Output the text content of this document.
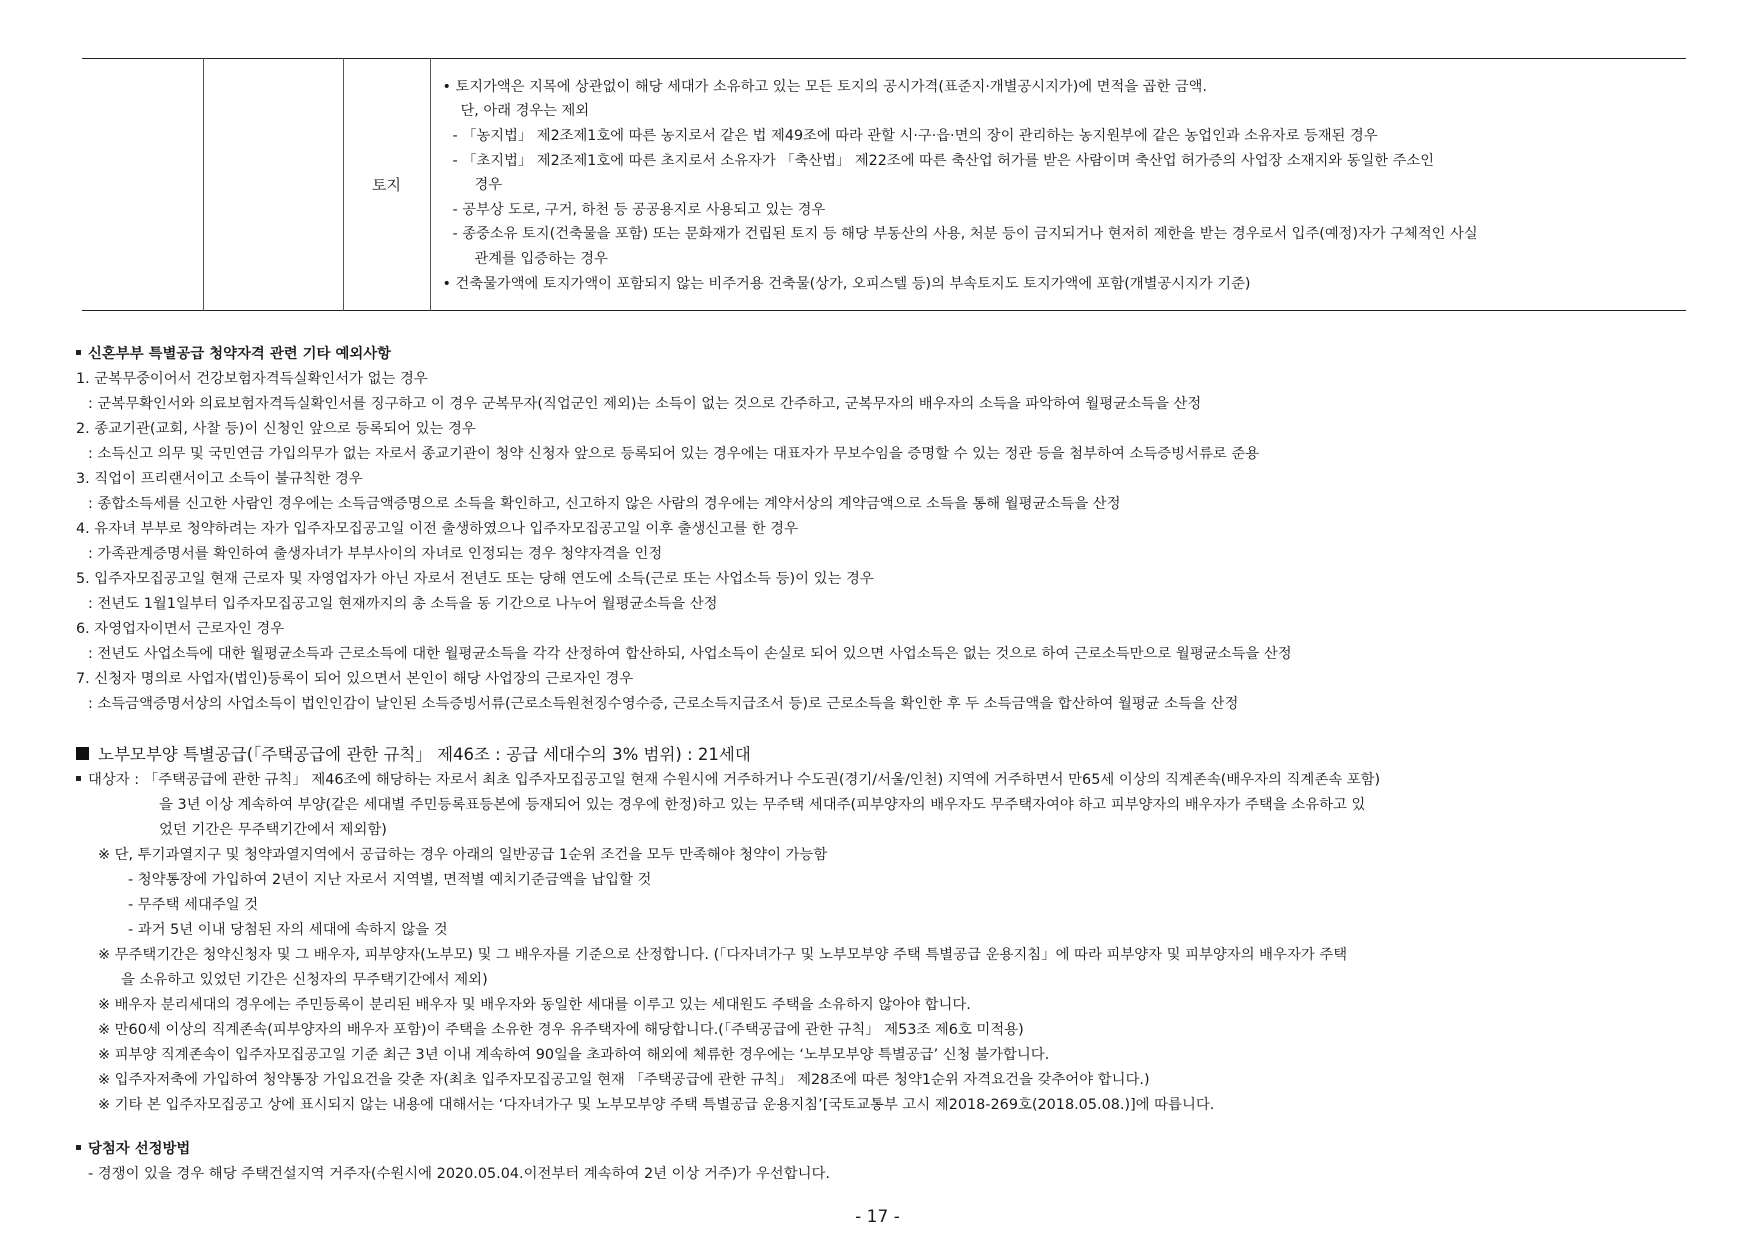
		토지	
• 토지가액은 지목에 상관없이 해당 세대가 소유하고 있는 모든 토지의 공시가격(표준지·개별공시지가)에 면적을 곱한 금액.
단, 아래 경우는 제외
- 「농지법」 제2조제1호에 따른 농지로서 같은 법 제49조에 따라 관할 시·구·읍·면의 장이 관리하는 농지원부에 같은 농업인과 소유자로 등재된 경우
- 「초지법」 제2조제1호에 따른 초지로서 소유자가 「축산법」 제22조에 따른 축산업 허가를 받은 사람이며 축산업 허가증의 사업장 소재지와 동일한 주소인
경우
- 공부상 도로, 구거, 하천 등 공공용지로 사용되고 있는 경우
- 종중소유 토지(건축물을 포함) 또는 문화재가 건립된 토지 등 해당 부동산의 사용, 처분 등이 금지되거나 현저히 제한을 받는 경우로서 입주(예정)자가 구체적인 사실
관계를 입증하는 경우
• 건축물가액에 토지가액이 포함되지 않는 비주거용 건축물(상가, 오피스텔 등)의 부속토지도 토지가액에 포함(개별공시지가 기준)
신혼부부 특별공급 청약자격 관련 기타 예외사항
1. 군복무중이어서 건강보험자격득실확인서가 없는 경우
: 군복무확인서와 의료보험자격득실확인서를 징구하고 이 경우 군복무자(직업군인 제외)는 소득이 없는 것으로 간주하고, 군복무자의 배우자의 소득을 파악하여 월평균소득을 산정
2. 종교기관(교회, 사찰 등)이 신청인 앞으로 등록되어 있는 경우
: 소득신고 의무 및 국민연금 가입의무가 없는 자로서 종교기관이 청약 신청자 앞으로 등록되어 있는 경우에는 대표자가 무보수임을 증명할 수 있는 정관 등을 첨부하여 소득증빙서류로 준용
3. 직업이 프리랜서이고 소득이 불규칙한 경우
: 종합소득세를 신고한 사람인 경우에는 소득금액증명으로 소득을 확인하고, 신고하지 않은 사람의 경우에는 계약서상의 계약금액으로 소득을 통해 월평균소득을 산정
4. 유자녀 부부로 청약하려는 자가 입주자모집공고일 이전 출생하였으나 입주자모집공고일 이후 출생신고를 한 경우
: 가족관계증명서를 확인하여 출생자녀가 부부사이의 자녀로 인정되는 경우 청약자격을 인정
5. 입주자모집공고일 현재 근로자 및 자영업자가 아닌 자로서 전년도 또는 당해 연도에 소득(근로 또는 사업소득 등)이 있는 경우
: 전년도 1월1일부터 입주자모집공고일 현재까지의 총 소득을 동 기간으로 나누어 월평균소득을 산정
6. 자영업자이면서 근로자인 경우
: 전년도 사업소득에 대한 월평균소득과 근로소득에 대한 월평균소득을 각각 산정하여 합산하되, 사업소득이 손실로 되어 있으면 사업소득은 없는 것으로 하여 근로소득만으로 월평균소득을 산정
7. 신청자 명의로 사업자(법인)등록이 되어 있으면서 본인이 해당 사업장의 근로자인 경우
: 소득금액증명서상의 사업소득이 법인인감이 날인된 소득증빙서류(근로소득원천징수영수증, 근로소득지급조서 등)로 근로소득을 확인한 후 두 소득금액을 합산하여 월평균 소득을 산정
노부모부양 특별공급(「주택공급에 관한 규칙」 제46조 : 공급 세대수의 3% 범위) : 21세대
대상자 : 「주택공급에 관한 규칙」 제46조에 해당하는 자로서 최초 입주자모집공고일 현재 수원시에 거주하거나 수도권(경기/서울/인천) 지역에 거주하면서 만65세 이상의 직계존속(배우자의 직계존속 포함)
을 3년 이상 계속하여 부양(같은 세대별 주민등록표등본에 등재되어 있는 경우에 한정)하고 있는 무주택 세대주(피부양자의 배우자도 무주택자여야 하고 피부양자의 배우자가 주택을 소유하고 있
었던 기간은 무주택기간에서 제외함)
※ 단, 투기과열지구 및 청약과열지역에서 공급하는 경우 아래의 일반공급 1순위 조건을 모두 만족해야 청약이 가능함
- 청약통장에 가입하여 2년이 지난 자로서 지역별, 면적별 예치기준금액을 납입할 것
- 무주택 세대주일 것
- 과거 5년 이내 당첨된 자의 세대에 속하지 않을 것
※ 무주택기간은 청약신청자 및 그 배우자, 피부양자(노부모) 및 그 배우자를 기준으로 산정합니다. (「다자녀가구 및 노부모부양 주택 특별공급 운용지침」에 따라 피부양자 및 피부양자의 배우자가 주택
을 소유하고 있었던 기간은 신청자의 무주택기간에서 제외)
※ 배우자 분리세대의 경우에는 주민등록이 분리된 배우자 및 배우자와 동일한 세대를 이루고 있는 세대원도 주택을 소유하지 않아야 합니다.
※ 만60세 이상의 직계존속(피부양자의 배우자 포함)이 주택을 소유한 경우 유주택자에 해당합니다.(「주택공급에 관한 규칙」 제53조 제6호 미적용)
※ 피부양 직계존속이 입주자모집공고일 기준 최근 3년 이내 계속하여 90일을 초과하여 해외에 체류한 경우에는 ‘노부모부양 특별공급’ 신청 불가합니다.
※ 입주자저축에 가입하여 청약통장 가입요건을 갖춘 자(최초 입주자모집공고일 현재 「주택공급에 관한 규칙」 제28조에 따른 청약1순위 자격요건을 갖추어야 합니다.)
※ 기타 본 입주자모집공고 상에 표시되지 않는 내용에 대해서는 ‘다자녀가구 및 노부모부양 주택 특별공급 운용지침’[국토교통부 고시 제2018-269호(2018.05.08.)]에 따릅니다.
당첨자 선정방법
- 경쟁이 있을 경우 해당 주택건설지역 거주자(수원시에 2020.05.04.이전부터 계속하여 2년 이상 거주)가 우선합니다.
- 17 -
